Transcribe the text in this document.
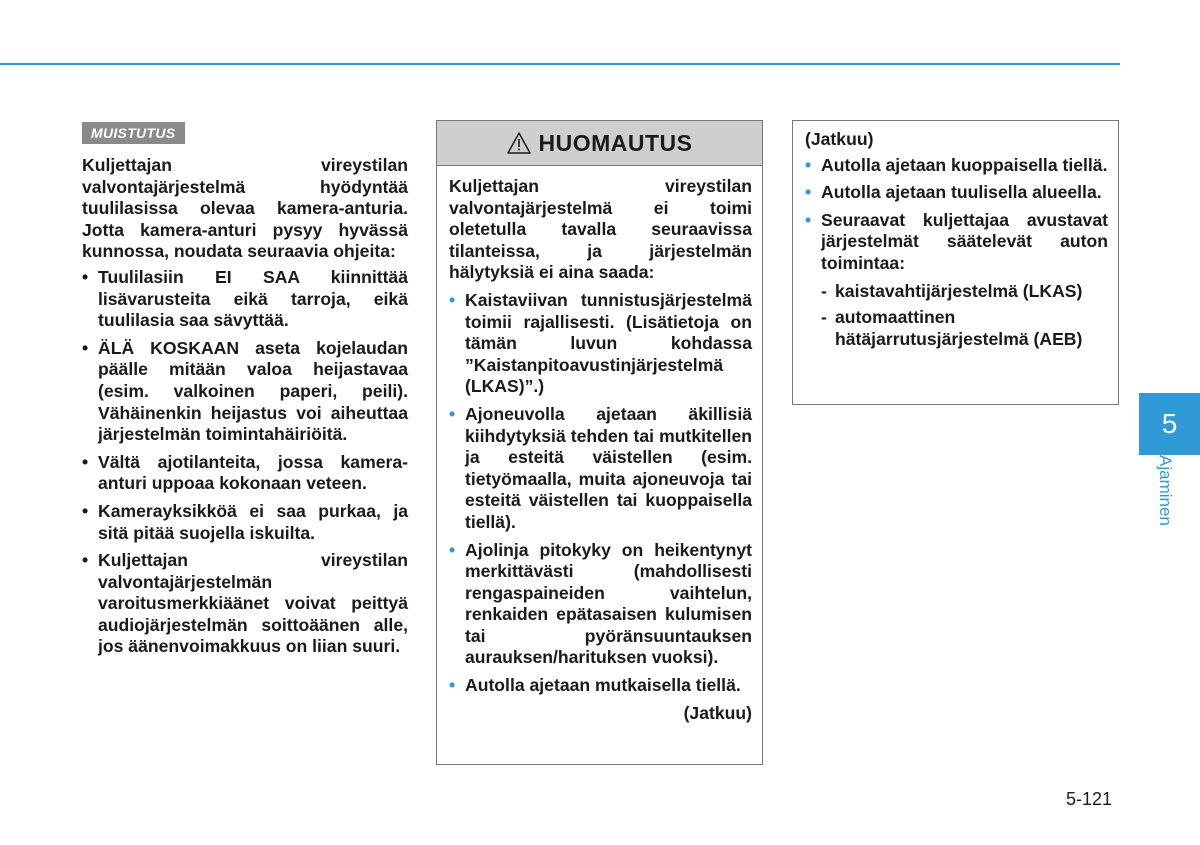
MUISTUTUS

Kuljettajan vireystilan valvontajärjestelmä hyödyntää tuulilasissa olevaa kamera-anturia. Jotta kamera-anturi pysyy hyvässä kunnossa, noudata seuraavia ohjeita:

• Tuulilasiin EI SAA kiinnittää lisävarusteita eikä tarroja, eikä tuulilasia saa sävyttää.
• ÄLÄ KOSKAAN aseta kojelaudan päälle mitään valoa heijastavaa (esim. valkoinen paperi, peili). Vähäinenkin heijastus voi aiheuttaa järjestelmän toimintahäiriöitä.
• Vältä ajotilanteita, jossa kamera-anturi uppoaa kokonaan veteen.
• Kamerayksikköä ei saa purkaa, ja sitä pitää suojella iskuilta.
• Kuljettajan vireystilan valvontajärjestelmän varoitusmerkkiäänet voivat peittyä audiojärjestelmän soittoäänen alle, jos äänenvoimakkuus on liian suuri.
HUOMAUTUS

Kuljettajan vireystilan valvontajärjestelmä ei toimi oletetulla tavalla seuraavissa tilanteissa, ja järjestelmän hälytyksiä ei aina saada:

• Kaistaviivan tunnistusjärjestelmä toimii rajallisesti. (Lisätietoja on tämän luvun kohdassa ”Kaistanpitoavustinjärjestelmä (LKAS)”.)
• Ajoneuvolla ajetaan äkillisiä kiihdytyksiä tehden tai mutkitellen ja esteitä väistellen (esim. tietyömaalla, muita ajoneuvoja tai esteitä väistellen tai kuoppaisella tiellä).
• Ajolinja pitokyky on heikentynyt merkittävästi (mahdollisesti rengaspaineiden vaihtelun, renkaiden epätasaisen kulumisen tai pyöränsuuntauksen aurauksen/harituksen vuoksi).
• Autolla ajetaan mutkaisella tiellä.
(Jatkuu)

(Jatkuu)

• Autolla ajetaan kuoppaisella tiellä.
• Autolla ajetaan tuulisella alueella.
• Seuraavat kuljettajaa avustavat järjestelmät säätelevät auton toimintaa:
- kaistavahtijärjestelmä (LKAS)
- automaattinen hätäjarrutusjärjestelmä (AEB)
5
Ajaminen
5-121
